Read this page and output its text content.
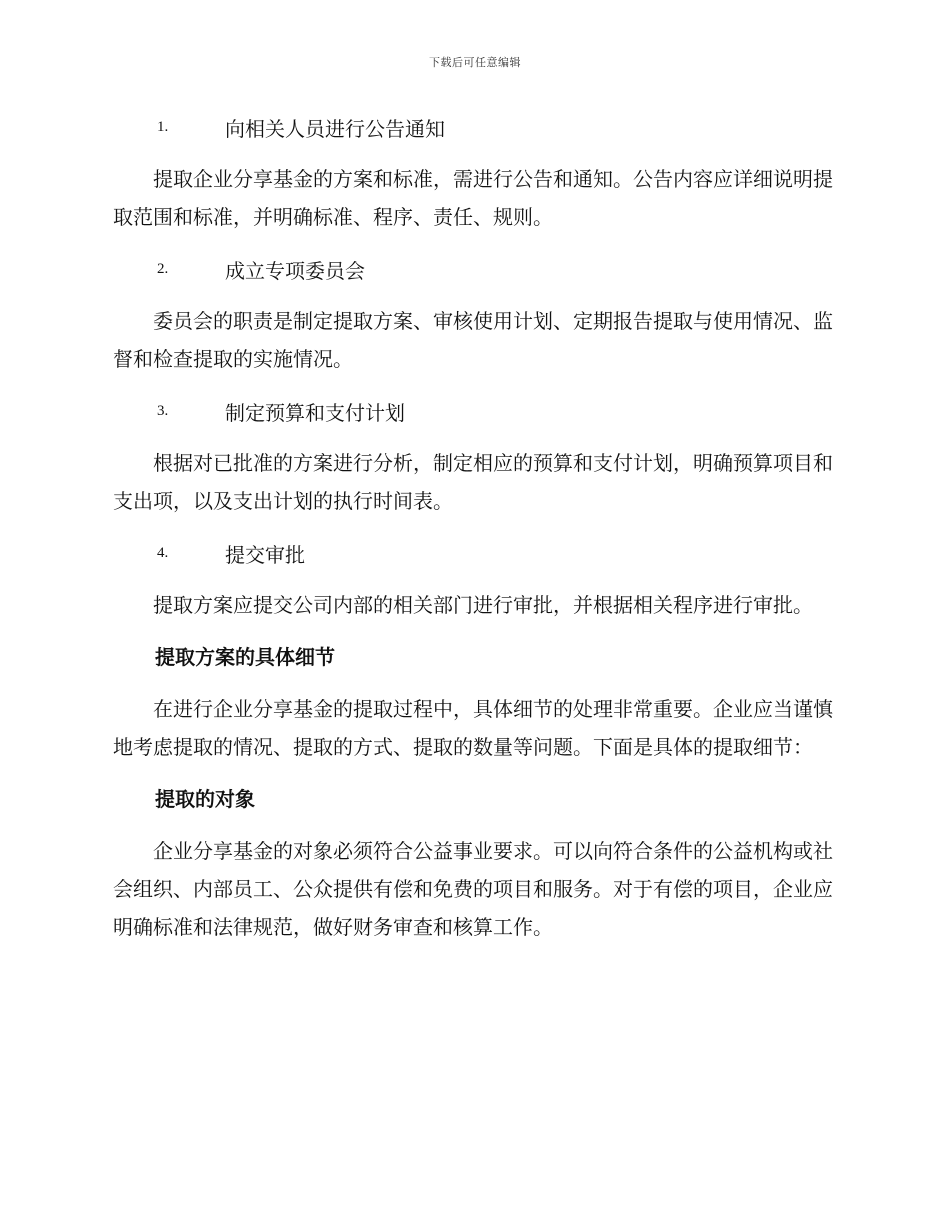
下载后可任意编辑
1.	向相关人员进行公告通知

提取企业分享基金的方案和标准，需进行公告和通知。公告内容应详细说明提取范围和标准，并明确标准、程序、责任、规则。

2.	成立专项委员会

委员会的职责是制定提取方案、审核使用计划、定期报告提取与使用情况、监督和检查提取的实施情况。

3.	制定预算和支付计划

根据对已批准的方案进行分析，制定相应的预算和支付计划，明确预算项目和支出项，以及支出计划的执行时间表。

4.	提交审批

提取方案应提交公司内部的相关部门进行审批，并根据相关程序进行审批。

提取方案的具体细节

在进行企业分享基金的提取过程中，具体细节的处理非常重要。企业应当谨慎地考虑提取的情况、提取的方式、提取的数量等问题。下面是具体的提取细节：

提取的对象

企业分享基金的对象必须符合公益事业要求。可以向符合条件的公益机构或社会组织、内部员工、公众提供有偿和免费的项目和服务。对于有偿的项目，企业应明确标准和法律规范，做好财务审查和核算工作。
